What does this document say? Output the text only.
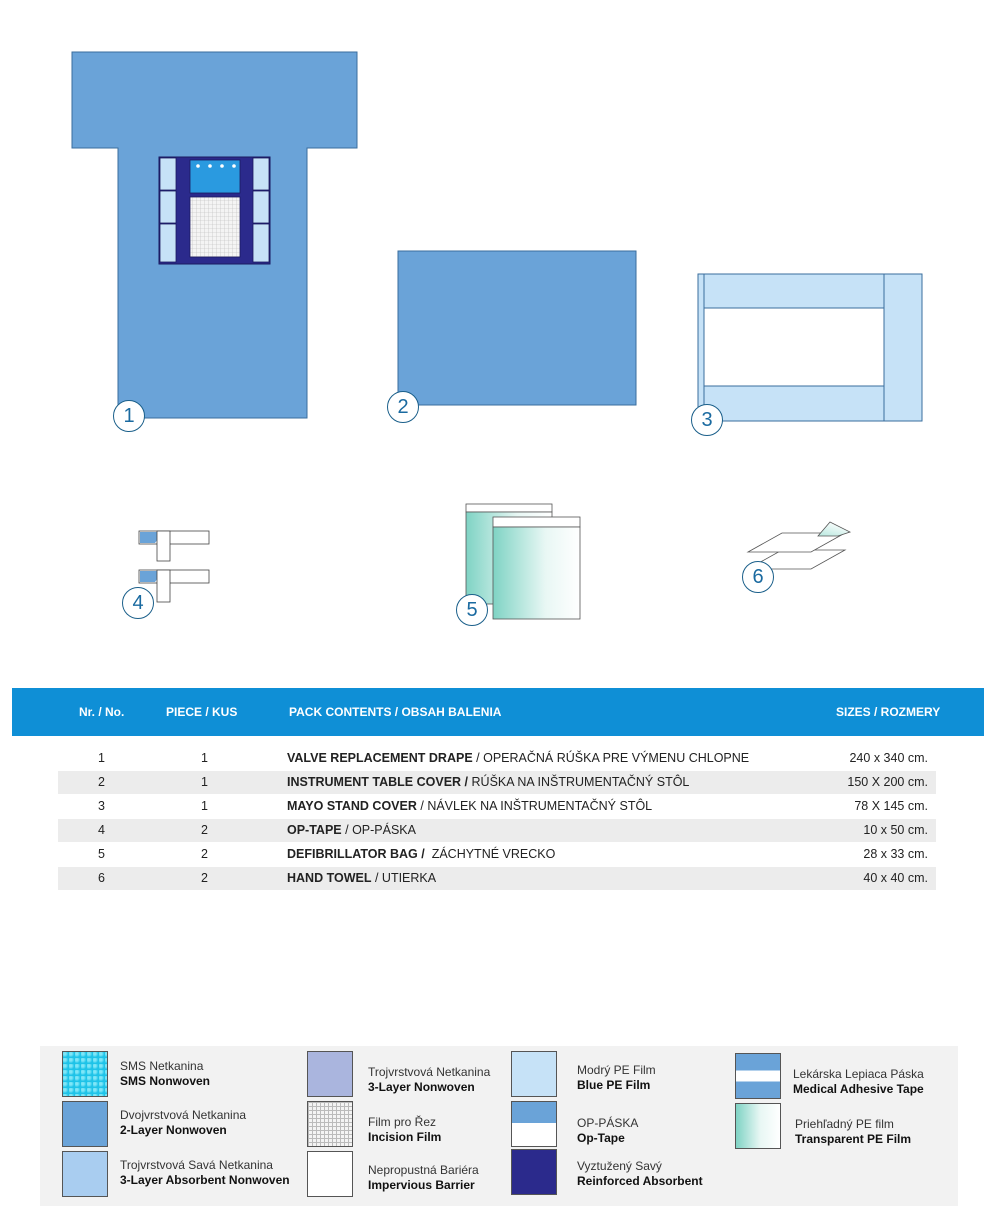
1	2
3
4	5
6
Nr. / No.	PIECE / KUS	PACK CONTENTS / OBSAH BALENIA	SIZES / ROZMERY
1	1	VALVE REPLACEMENT DRAPE / OPERAČNÁ RÚŠKA PRE VÝMENU CHLOPNE	240 x 340 cm.
2	1	INSTRUMENT TABLE COVER / RÚŠKA NA INŠTRUMENTAČNÝ STÔL	150 X 200 cm.
3	1	MAYO STAND COVER / NÁVLEK NA INŠTRUMENTAČNÝ STÔL	78 X 145 cm.
4	2	OP-TAPE / OP-PÁSKA	10 x 50 cm.
5	2	DEFIBRILLATOR BAG / ZÁCHYTNÉ VRECKO	28 x 33 cm.
6	2	HAND TOWEL / UTIERKA	40 x 40 cm.
SMS Netkanina
SMS Nonwoven
Dvojvrstvová Netkanina
2-Layer Nonwoven
Trojvrstvová Savá Netkanina
3-Layer Absorbent Nonwoven
Trojvrstvová Netkanina
3-Layer Nonwoven
Film pro Řez
Incision Film
Nepropustná Bariéra
Impervious Barrier
Modrý PE Film
Blue PE Film
OP-PÁSKA
Op-Tape
Vyztužený Savý
Reinforced Absorbent
Lekárska Lepiaca Páska
Medical Adhesive Tape
Priehľadný PE film
Transparent PE Film
